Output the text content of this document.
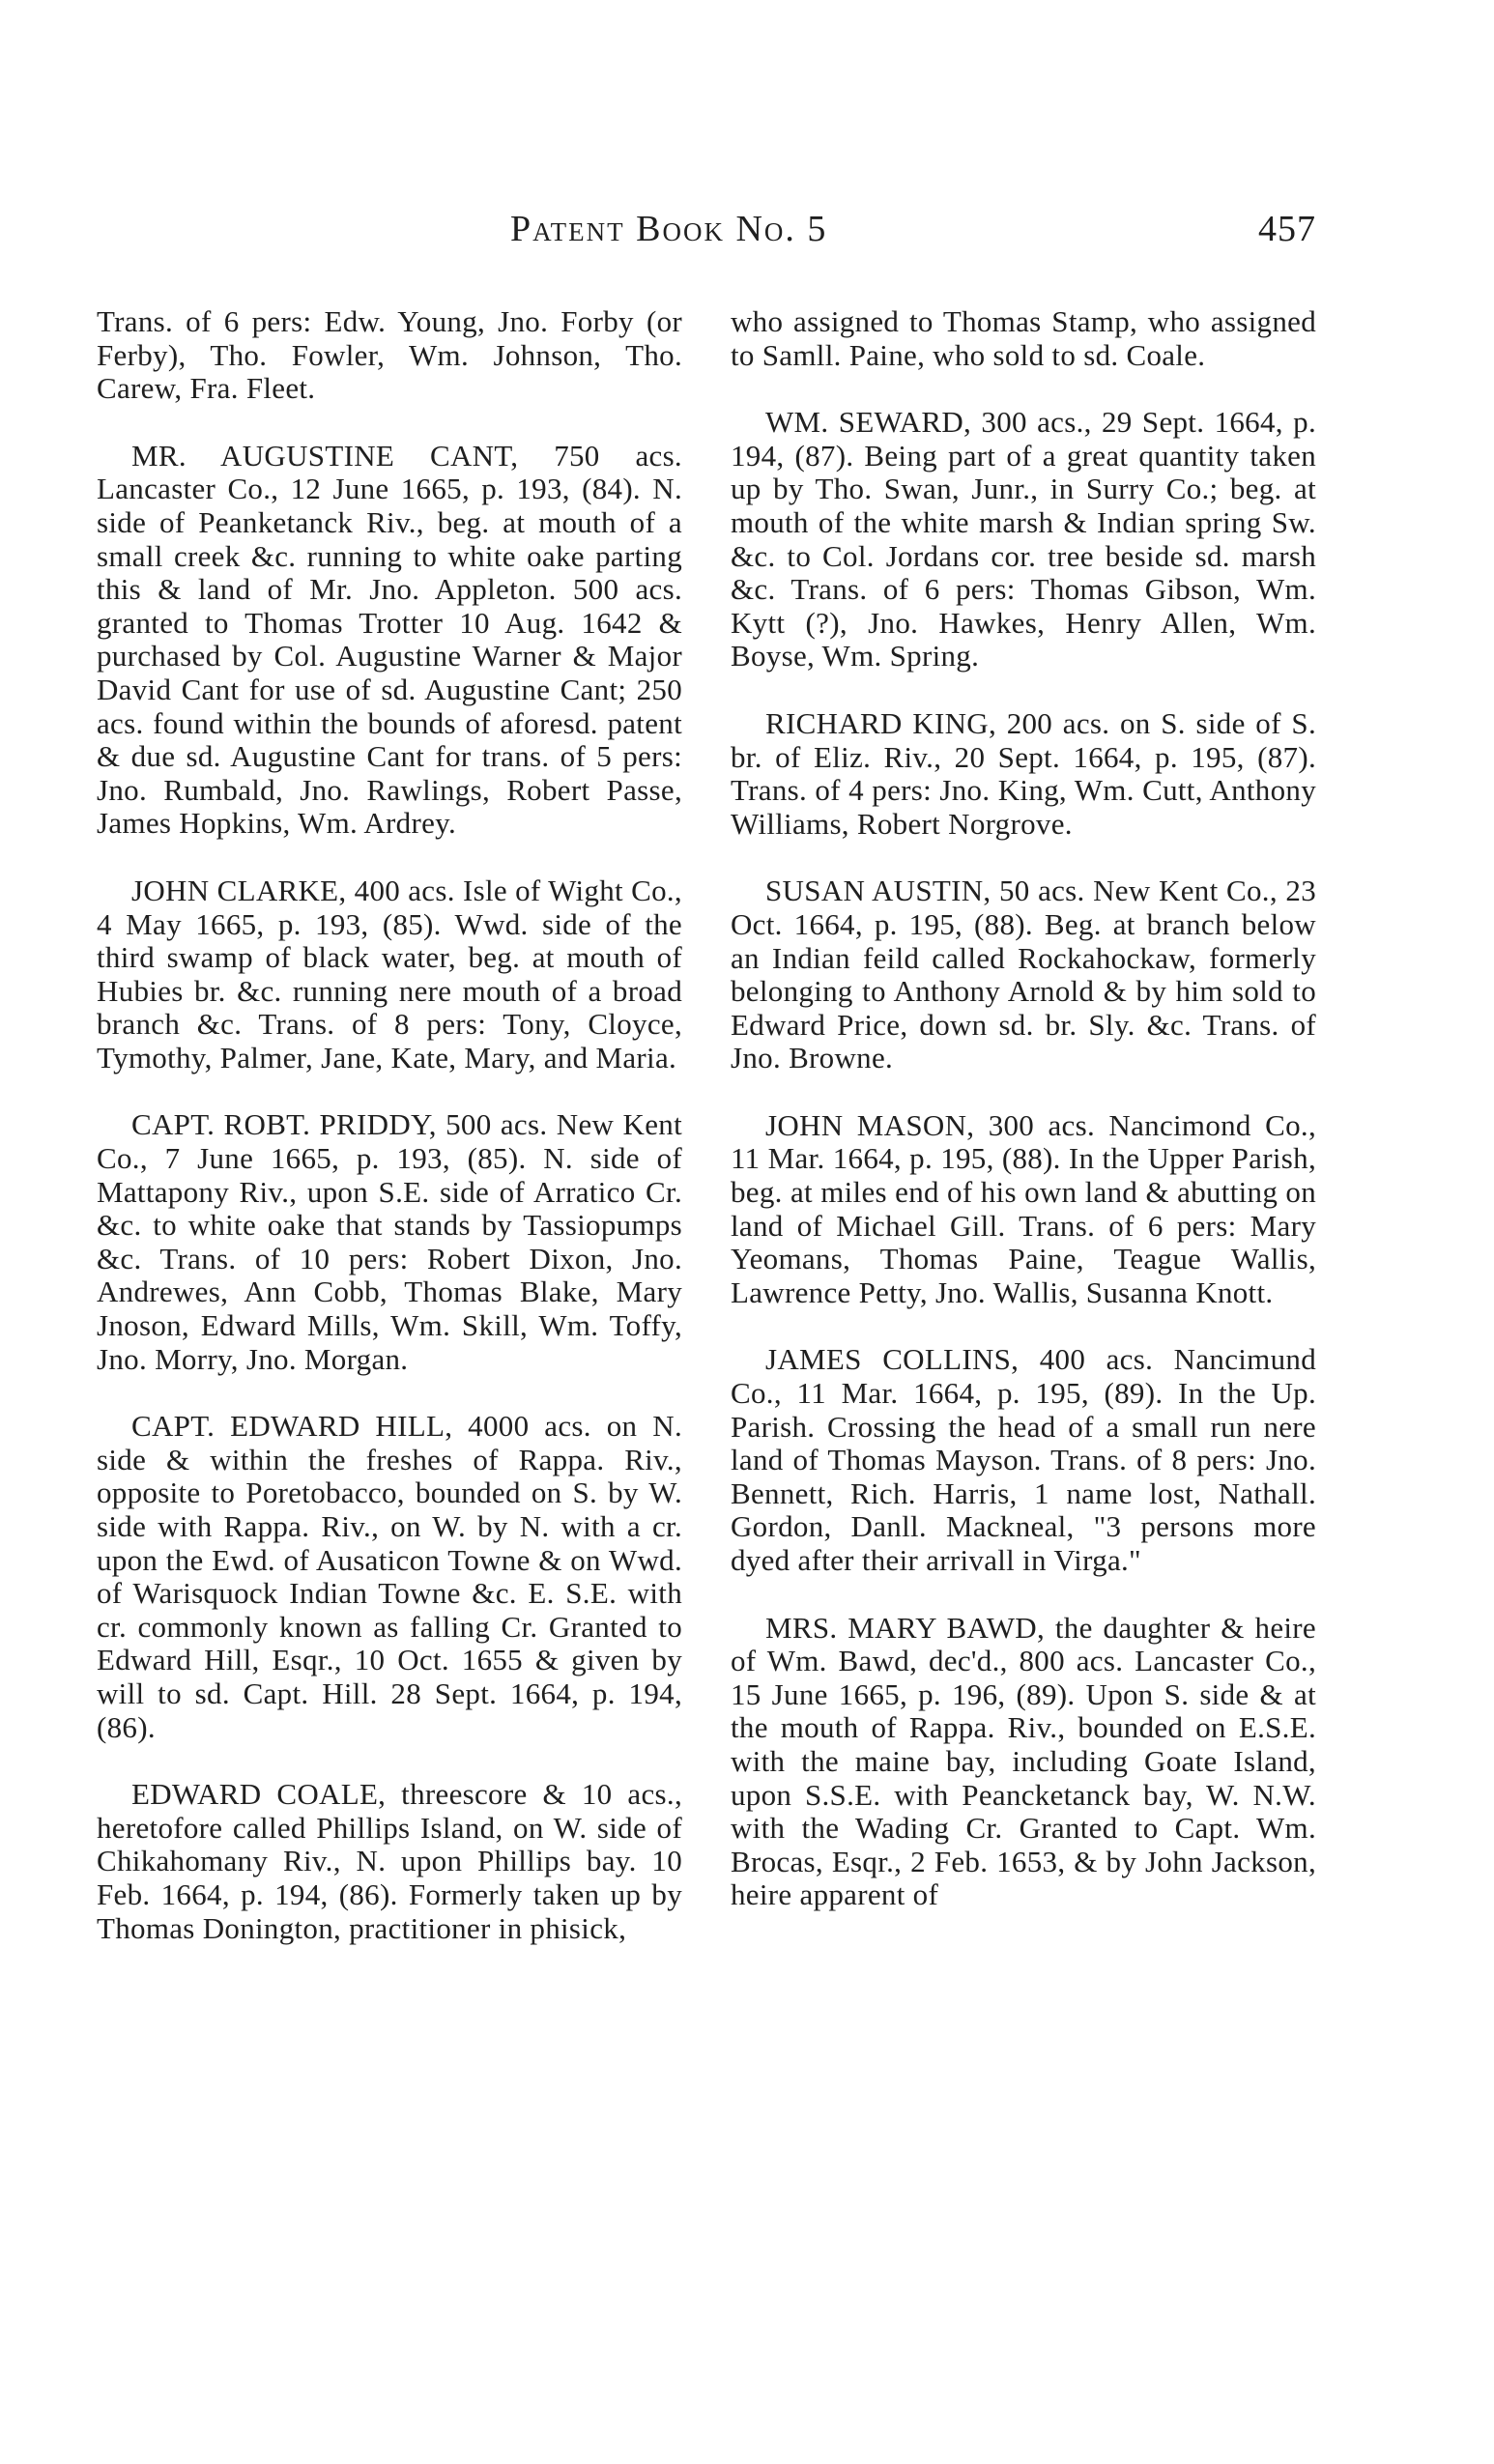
Patent Book No. 5	457

Trans. of 6 pers: Edw. Young, Jno. Forby (or Ferby), Tho. Fowler, Wm. Johnson, Tho. Carew, Fra. Fleet.

MR. AUGUSTINE CANT, 750 acs. Lancaster Co., 12 June 1665, p. 193, (84). N. side of Peanketanck Riv., beg. at mouth of a small creek &c. running to white oake parting this & land of Mr. Jno. Appleton. 500 acs. granted to Thomas Trotter 10 Aug. 1642 & purchased by Col. Augustine Warner & Major David Cant for use of sd. Augustine Cant; 250 acs. found within the bounds of aforesd. patent & due sd. Augustine Cant for trans. of 5 pers: Jno. Rumbald, Jno. Rawlings, Robert Passe, James Hopkins, Wm. Ardrey.

JOHN CLARKE, 400 acs. Isle of Wight Co., 4 May 1665, p. 193, (85). Wwd. side of the third swamp of black water, beg. at mouth of Hubies br. &c. running nere mouth of a broad branch &c. Trans. of 8 pers: Tony, Cloyce, Tymothy, Palmer, Jane, Kate, Mary, and Maria.

CAPT. ROBT. PRIDDY, 500 acs. New Kent Co., 7 June 1665, p. 193, (85). N. side of Mattapony Riv., upon S.E. side of Arratico Cr. &c. to white oake that stands by Tassiopumps &c. Trans. of 10 pers: Robert Dixon, Jno. Andrewes, Ann Cobb, Thomas Blake, Mary Jnoson, Edward Mills, Wm. Skill, Wm. Toffy, Jno. Morry, Jno. Morgan.

CAPT. EDWARD HILL, 4000 acs. on N. side & within the freshes of Rappa. Riv., opposite to Poretobacco, bounded on S. by W. side with Rappa. Riv., on W. by N. with a cr. upon the Ewd. of Ausaticon Towne & on Wwd. of Warisquock Indian Towne &c. E. S.E. with cr. commonly known as falling Cr. Granted to Edward Hill, Esqr., 10 Oct. 1655 & given by will to sd. Capt. Hill. 28 Sept. 1664, p. 194, (86).

EDWARD COALE, threescore & 10 acs., heretofore called Phillips Island, on W. side of Chikahomany Riv., N. upon Phillips bay. 10 Feb. 1664, p. 194, (86). Formerly taken up by Thomas Donington, practitioner in phisick,

who assigned to Thomas Stamp, who assigned to Samll. Paine, who sold to sd. Coale.

WM. SEWARD, 300 acs., 29 Sept. 1664, p. 194, (87). Being part of a great quantity taken up by Tho. Swan, Junr., in Surry Co.; beg. at mouth of the white marsh & Indian spring Sw. &c. to Col. Jordans cor. tree beside sd. marsh &c. Trans. of 6 pers: Thomas Gibson, Wm. Kytt (?), Jno. Hawkes, Henry Allen, Wm. Boyse, Wm. Spring.

RICHARD KING, 200 acs. on S. side of S. br. of Eliz. Riv., 20 Sept. 1664, p. 195, (87). Trans. of 4 pers: Jno. King, Wm. Cutt, Anthony Williams, Robert Norgrove.

SUSAN AUSTIN, 50 acs. New Kent Co., 23 Oct. 1664, p. 195, (88). Beg. at branch below an Indian feild called Rockahockaw, formerly belonging to Anthony Arnold & by him sold to Edward Price, down sd. br. Sly. &c. Trans. of Jno. Browne.

JOHN MASON, 300 acs. Nancimond Co., 11 Mar. 1664, p. 195, (88). In the Upper Parish, beg. at miles end of his own land & abutting on land of Michael Gill. Trans. of 6 pers: Mary Yeomans, Thomas Paine, Teague Wallis, Lawrence Petty, Jno. Wallis, Susanna Knott.

JAMES COLLINS, 400 acs. Nancimund Co., 11 Mar. 1664, p. 195, (89). In the Up. Parish. Crossing the head of a small run nere land of Thomas Mayson. Trans. of 8 pers: Jno. Bennett, Rich. Harris, 1 name lost, Nathall. Gordon, Danll. Mackneal, "3 persons more dyed after their arrivall in Virga."

MRS. MARY BAWD, the daughter & heire of Wm. Bawd, dec'd., 800 acs. Lancaster Co., 15 June 1665, p. 196, (89). Upon S. side & at the mouth of Rappa. Riv., bounded on E.S.E. with the maine bay, including Goate Island, upon S.S.E. with Peancketanck bay, W. N.W. with the Wading Cr. Granted to Capt. Wm. Brocas, Esqr., 2 Feb. 1653, & by John Jackson, heire apparent of
